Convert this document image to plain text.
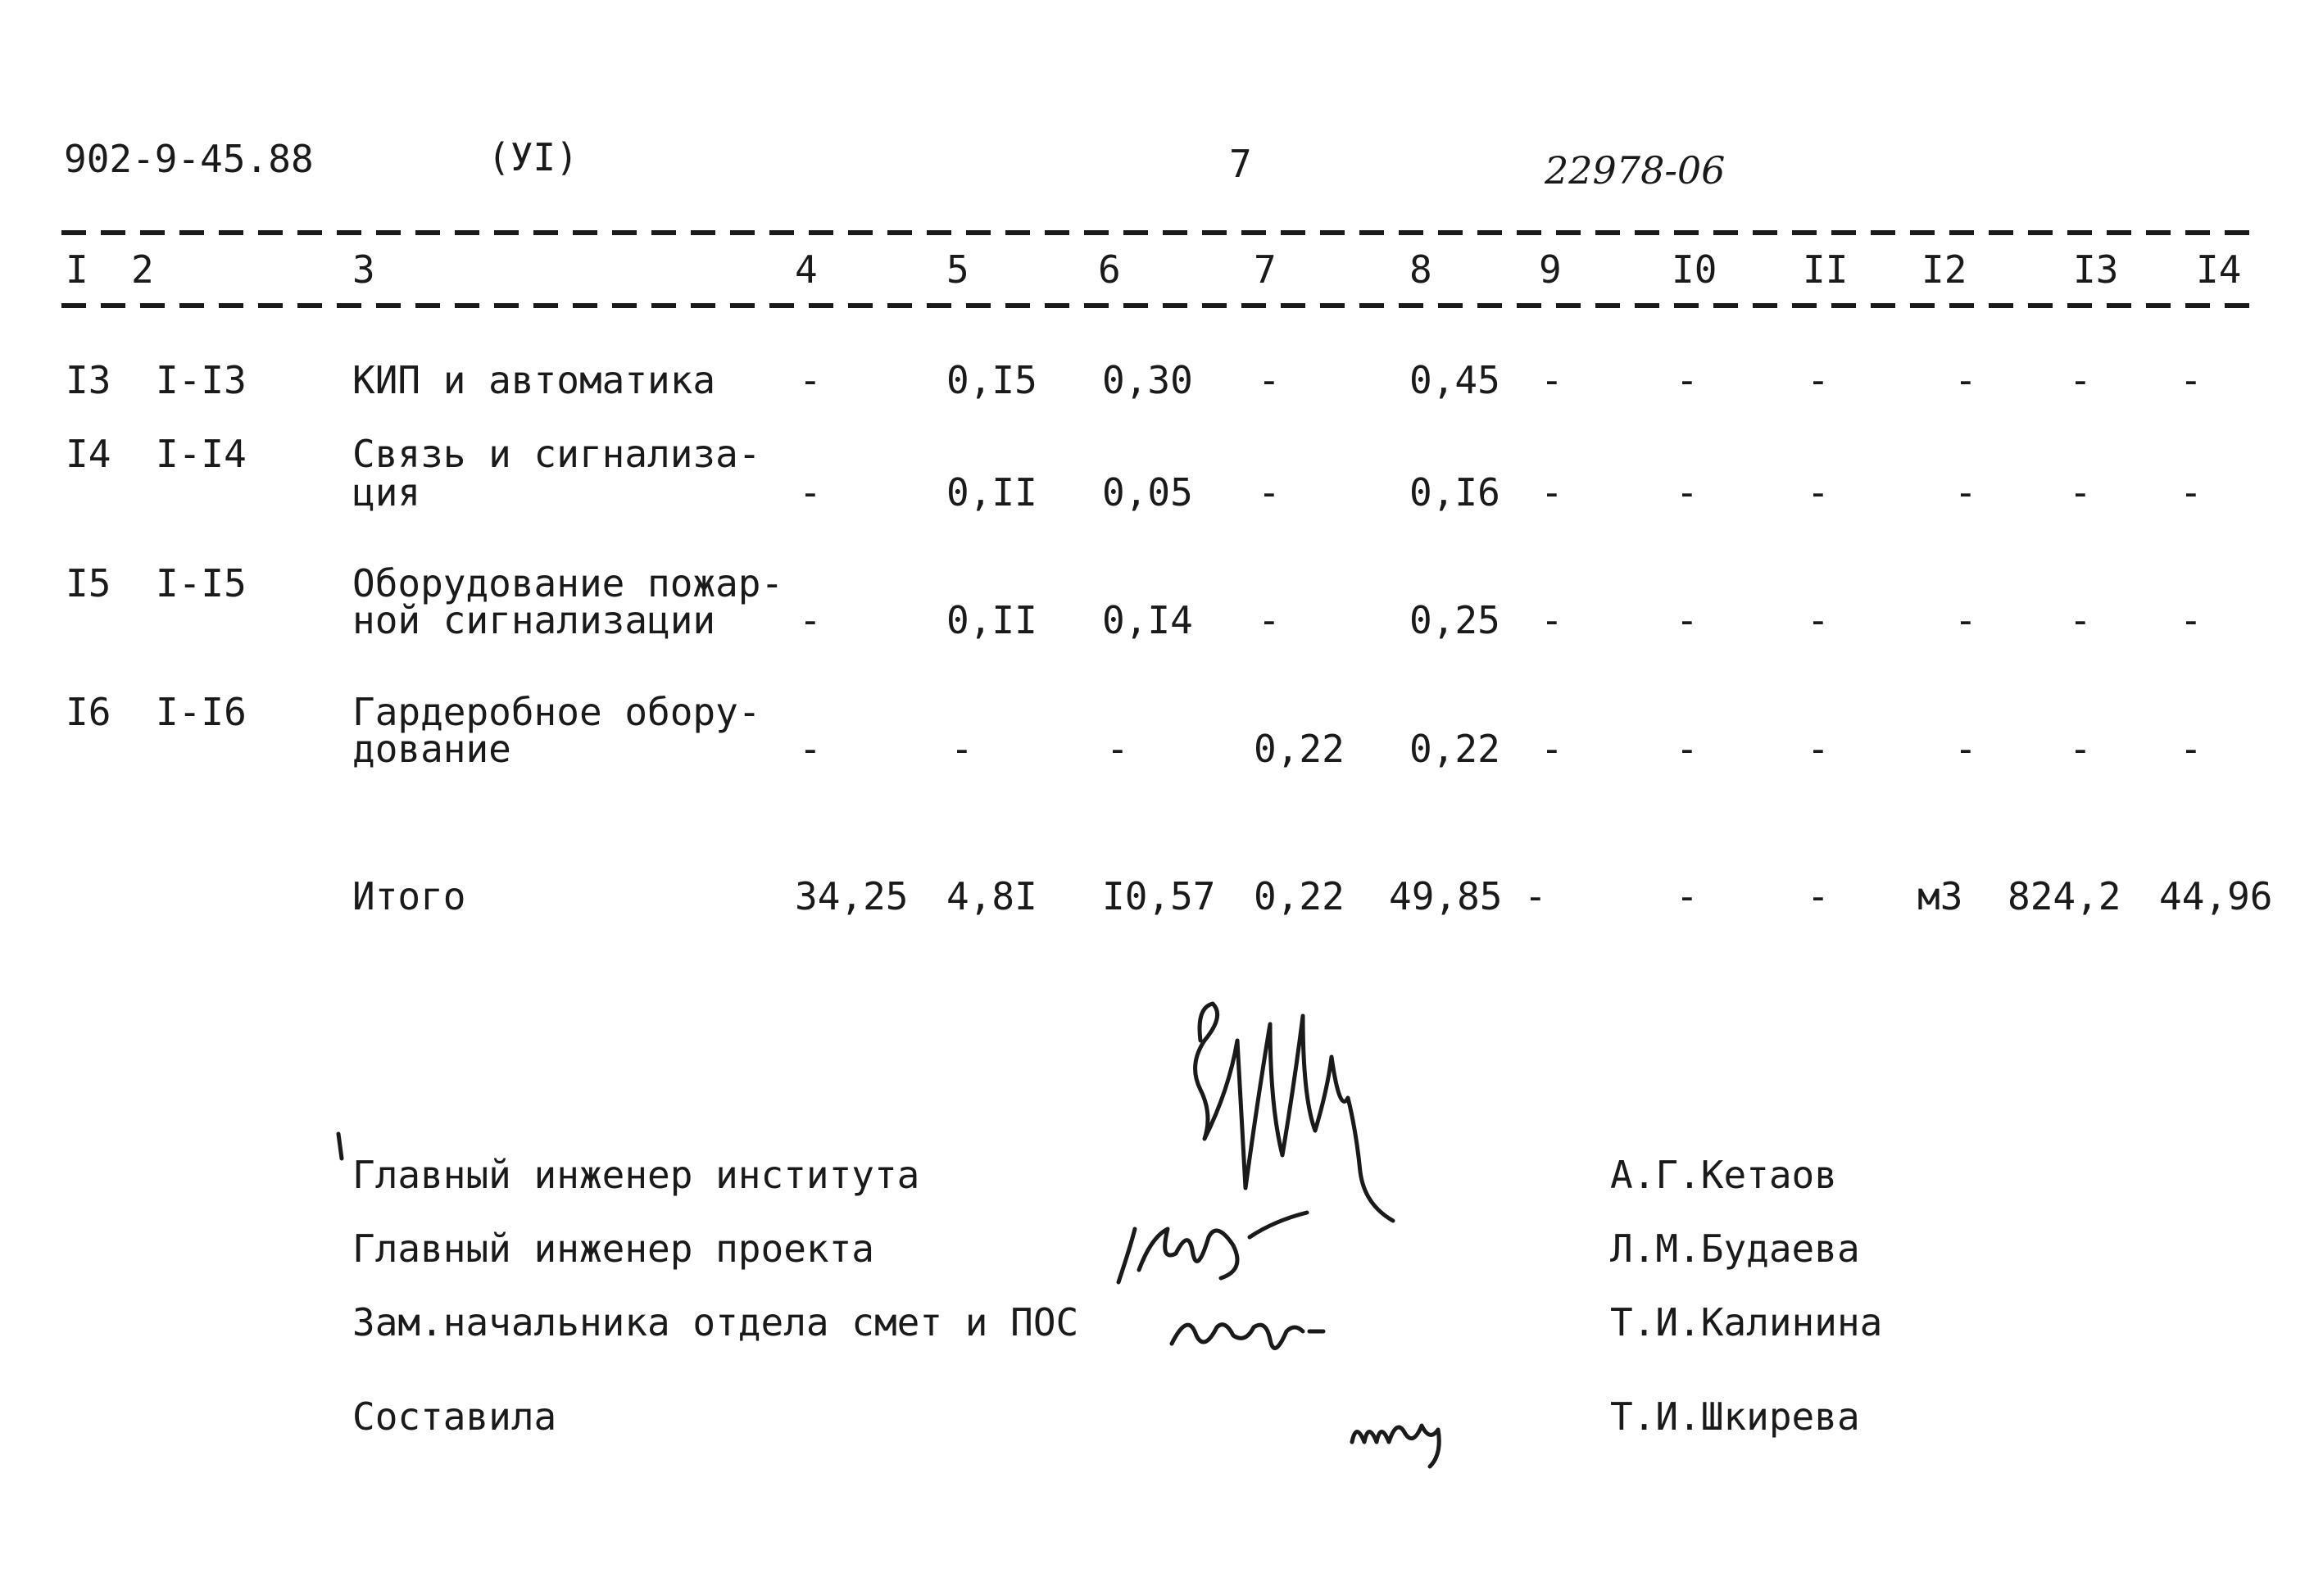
902-9-45.88	(УI)	7	22978-06
I 2	3	4	5	6	7	8	9	I0 II I2	I3 I4
I3 I-I3	КИП и автоматика -	0,I5 0,30 -	0,45 -	-	-	- - -
I4 I-I4	Связь и сигнализа-
ция	-	0,II 0,05 -	0,I6 -	-	-	- - -
I5 I-I5	Оборудование пожар-
ной сигнализации -	0,II 0,I4 -	0,25 -	-	-	- - -
I6 I-I6	Гардеробное обору-
дование	-	-	-	0,22 0,22 -	-	-	- - -
Итого	34,25 4,8I I0,57 0,22 49,85 -	-	- м3 824,2 44,96
Главный инженер института	А.Г.Кетаов
Главный инженер проекта	Л.М.Будаева
Зам.начальника отдела смет и ПОС	Т.И.Калинина
Составила	Т.И.Шкирева
